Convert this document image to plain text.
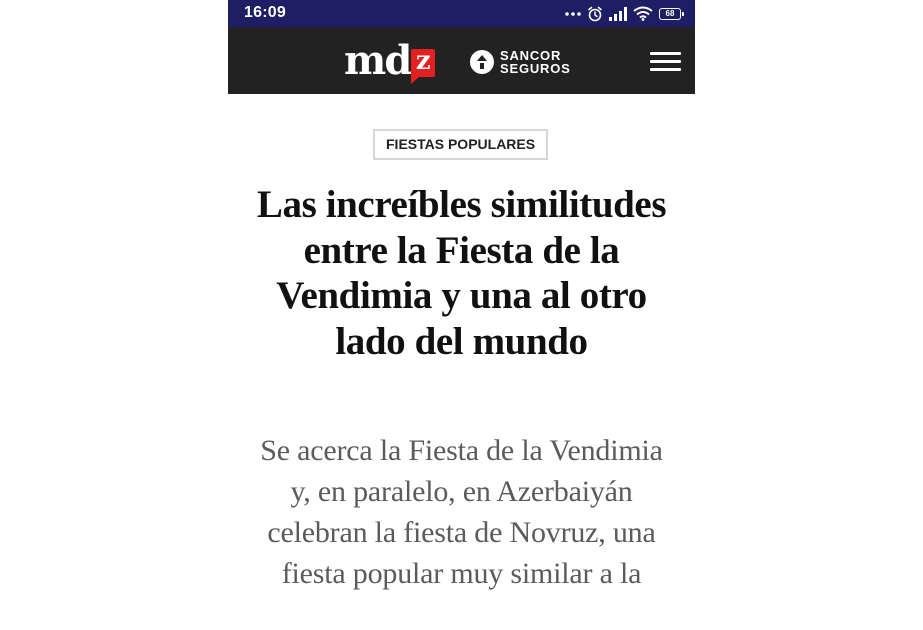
16:09	68
md z	SANCOR
SEGUROS
FIESTAS POPULARES
Las increíbles similitudes entre la Fiesta de la Vendimia y una al otro lado del mundo

Se acerca la Fiesta de la Vendimia y, en paralelo, en Azerbaiyán celebran la fiesta de Novruz, una fiesta popular muy similar a la
